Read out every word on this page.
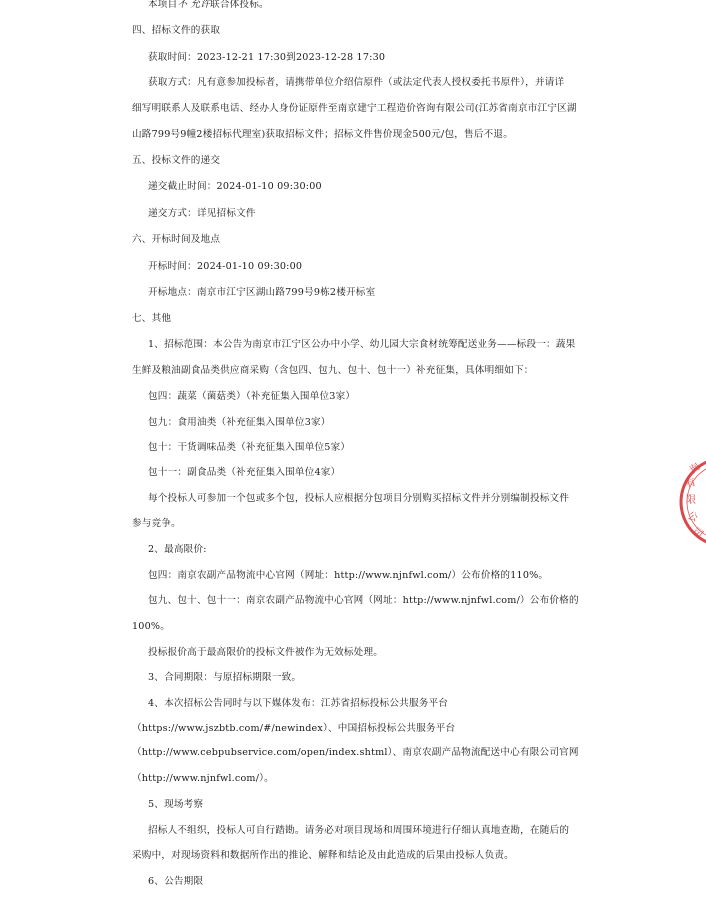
本项目不 允许联合体投标。
四、招标文件的获取
获取时间：2023-12-21 17:30到2023-12-28 17:30
获取方式：凡有意参加投标者，请携带单位介绍信原件（或法定代表人授权委托书原件），并请详
细写明联系人及联系电话、经办人身份证原件至南京建宁工程造价咨询有限公司(江苏省南京市江宁区湖
山路799号9幢2楼招标代理室)获取招标文件；招标文件售价现金500元/包，售后不退。
五、投标文件的递交
递交截止时间：2024-01-10 09:30:00
递交方式：详见招标文件
六、开标时间及地点
开标时间：2024-01-10 09:30:00
开标地点：南京市江宁区湖山路799号9栋2楼开标室
七、其他
1、招标范围：本公告为南京市江宁区公办中小学、幼儿园大宗食材统筹配送业务——标段一：蔬果
生鲜及粮油副食品类供应商采购（含包四、包九、包十、包十一）补充征集，具体明细如下：
包四：蔬菜（菌菇类）（补充征集入围单位3家）
包九：食用油类（补充征集入围单位3家）
包十：干货调味品类（补充征集入围单位5家）
包十一：副食品类（补充征集入围单位4家）
每个投标人可参加一个包或多个包，投标人应根据分包项目分别购买招标文件并分别编制投标文件
参与竞争。
2、最高限价:
包四：南京农副产品物流中心官网（网址：http://www.njnfwl.com/）公布价格的110%。
包九、包十、包十一：南京农副产品物流中心官网（网址：http://www.njnfwl.com/）公布价格的
100%。
投标报价高于最高限价的投标文件被作为无效标处理。
3、合同期限：与原招标期限一致。
4、本次招标公告同时与以下媒体发布：江苏省招标投标公共服务平台
（https://www.jszbtb.com/#/newindex）、中国招标投标公共服务平台
（http://www.cebpubservice.com/open/index.shtml）、南京农副产品物流配送中心有限公司官网
（http://www.njnfwl.com/）。
5、现场考察
招标人不组织，投标人可自行踏勘。请务必对项目现场和周围环境进行仔细认真地查勘，在随后的
采购中，对现场资料和数据所作出的推论、解释和结论及由此造成的后果由投标人负责。
6、公告期限
询
有
限
公
司
